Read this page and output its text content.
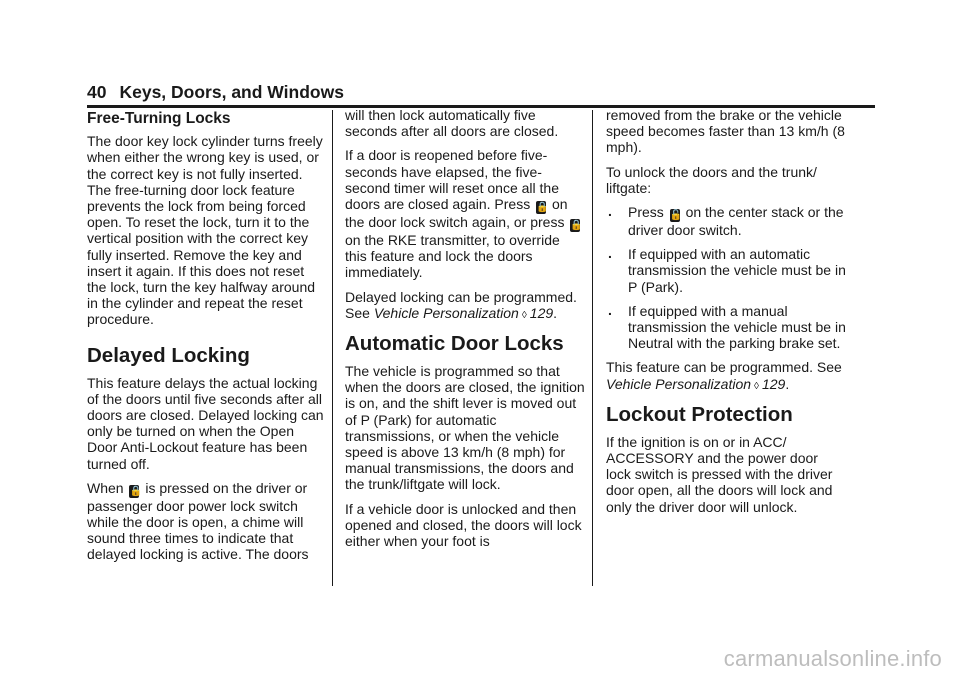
40 Keys, Doors, and Windows
Free-Turning Locks

The door key lock cylinder turns freely when either the wrong key is used, or the correct key is not fully inserted. The free-turning door lock feature prevents the lock from being forced open. To reset the lock, turn it to the vertical position with the correct key fully inserted. Remove the key and insert it again. If this does not reset the lock, turn the key halfway around in the cylinder and repeat the reset procedure.

Delayed Locking

This feature delays the actual locking of the doors until five seconds after all doors are closed. Delayed locking can only be turned on when the Open Door Anti-Lockout feature has been turned off.

When 🔒 is pressed on the driver or passenger door power lock switch while the door is open, a chime will sound three times to indicate that delayed locking is active. The doors

will then lock automatically five seconds after all doors are closed.

If a door is reopened before five-seconds have elapsed, the five-second timer will reset once all the doors are closed again. Press 🔒 on the door lock switch again, or press 🔒 on the RKE transmitter, to override this feature and lock the doors immediately.

Delayed locking can be programmed. See Vehicle Personalization ◊ 129.

Automatic Door Locks

The vehicle is programmed so that when the doors are closed, the ignition is on, and the shift lever is moved out of P (Park) for automatic transmissions, or when the vehicle speed is above 13 km/h (8 mph) for manual transmissions, the doors and the trunk/liftgate will lock.

If a vehicle door is unlocked and then opened and closed, the doors will lock either when your foot is

removed from the brake or the vehicle speed becomes faster than 13 km/h (8 mph).

To unlock the doors and the trunk/ liftgate:

. Press 🔓 on the center stack or the driver door switch.
. If equipped with an automatic transmission the vehicle must be in P (Park).
. If equipped with a manual transmission the vehicle must be in Neutral with the parking brake set.

This feature can be programmed. See Vehicle Personalization ◊ 129.

Lockout Protection

If the ignition is on or in ACC/ ACCESSORY and the power door lock switch is pressed with the driver door open, all the doors will lock and only the driver door will unlock.

carmanualsonline.info
